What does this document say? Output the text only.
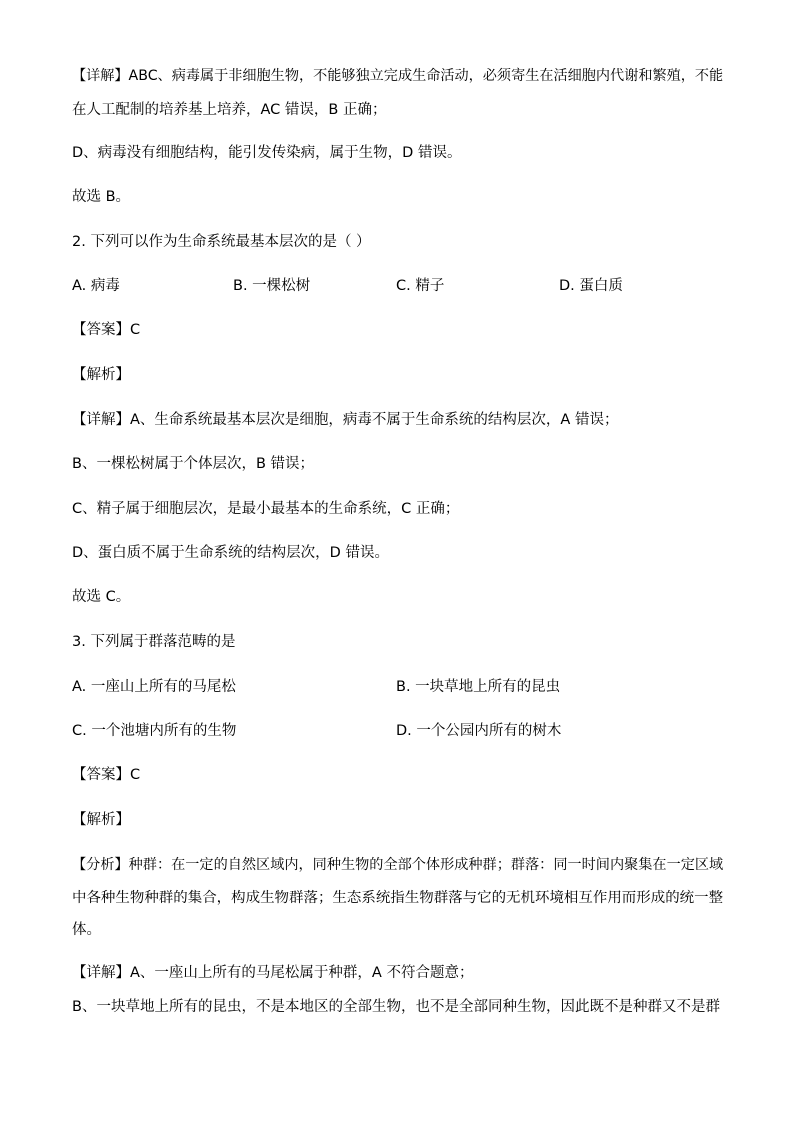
【详解】ABC、病毒属于非细胞生物，不能够独立完成生命活动，必须寄生在活细胞内代谢和繁殖，不能
在人工配制的培养基上培养，AC 错误，B 正确；
D、病毒没有细胞结构，能引发传染病，属于生物，D 错误。
故选 B。
2. 下列可以作为生命系统最基本层次的是（ ）
A. 病毒	B. 一棵松树	C. 精子	D. 蛋白质
【答案】C
【解析】
【详解】A、生命系统最基本层次是细胞，病毒不属于生命系统的结构层次，A 错误；
B、一棵松树属于个体层次，B 错误；
C、精子属于细胞层次，是最小最基本的生命系统，C 正确；
D、蛋白质不属于生命系统的结构层次，D 错误。
故选 C。
3. 下列属于群落范畴的是
A. 一座山上所有的马尾松	B. 一块草地上所有的昆虫
C. 一个池塘内所有的生物	D. 一个公园内所有的树木
【答案】C
【解析】
【分析】种群：在一定的自然区域内，同种生物的全部个体形成种群；群落：同一时间内聚集在一定区域
中各种生物种群的集合，构成生物群落；生态系统指生物群落与它的无机环境相互作用而形成的统一整
体。
【详解】A、一座山上所有的马尾松属于种群，A 不符合题意；
B、一块草地上所有的昆虫，不是本地区的全部生物，也不是全部同种生物，因此既不是种群又不是群
